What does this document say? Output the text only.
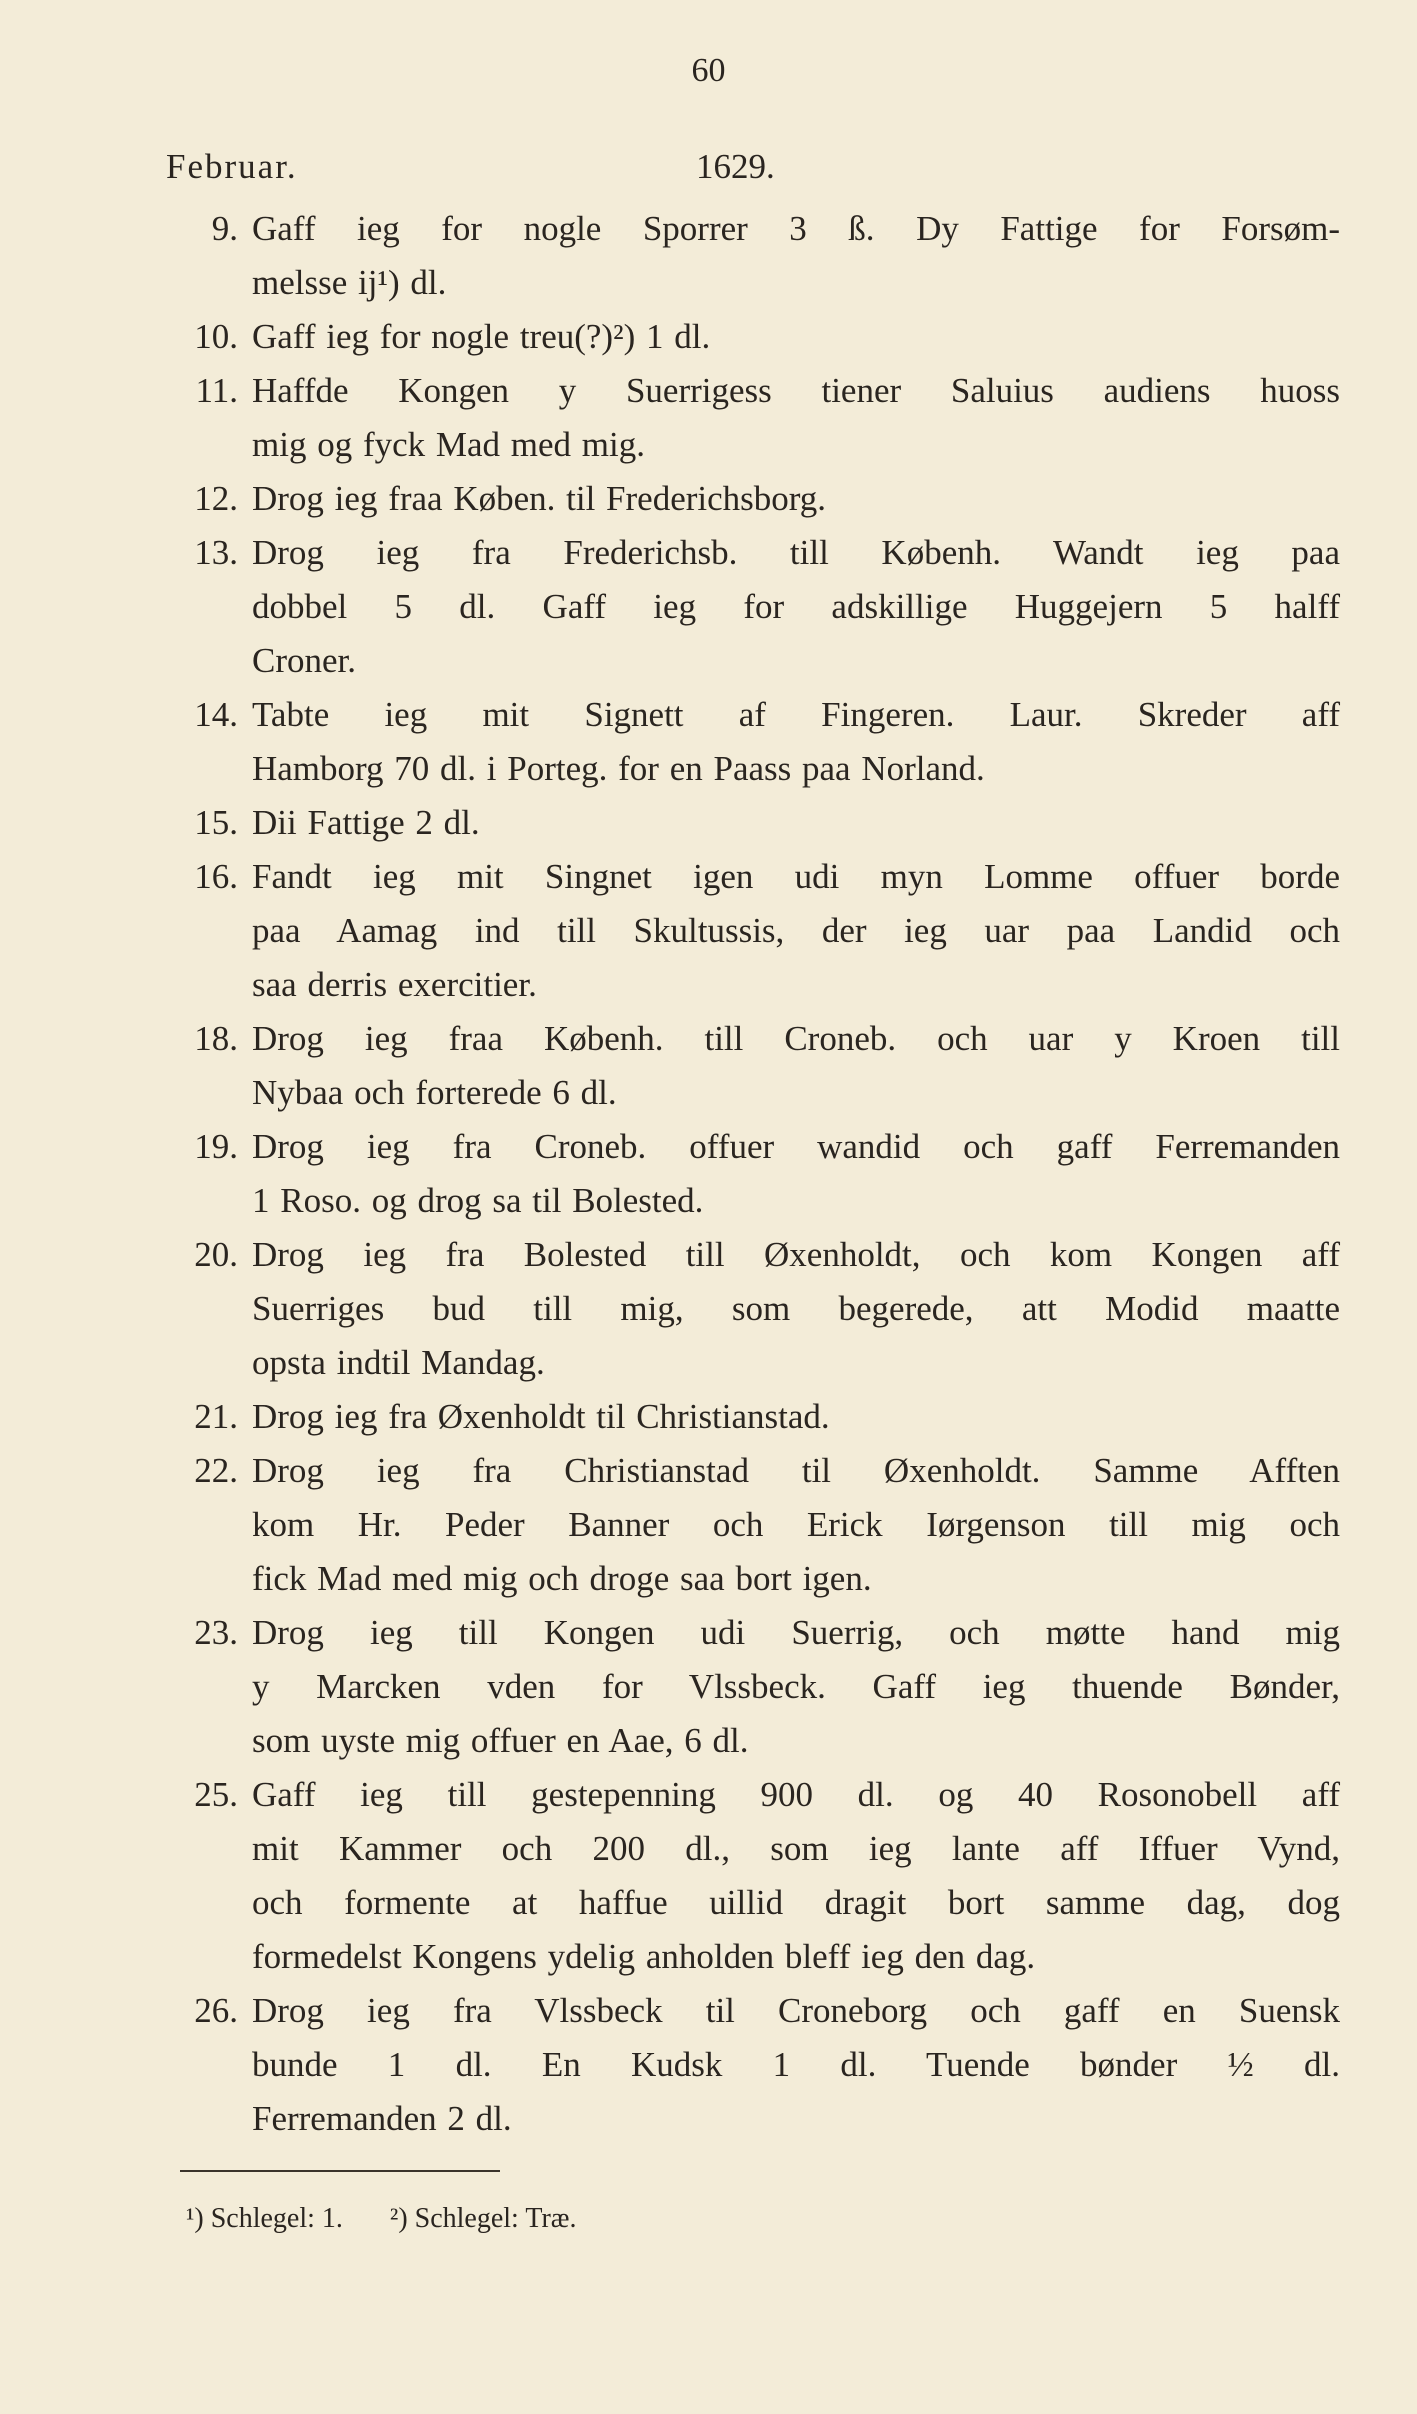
60
Februar.	1629.
9. Gaff ieg for nogle Sporrer 3 ß. Dy Fattige for Forsøm-
melsse ij¹) dl.
10. Gaff ieg for nogle treu(?)²) 1 dl.
11. Haffde Kongen y Suerrigess tiener Saluius audiens huoss
mig og fyck Mad med mig.
12. Drog ieg fraa Køben. til Frederichsborg.
13. Drog ieg fra Frederichsb. till Københ. Wandt ieg paa
dobbel 5 dl. Gaff ieg for adskillige Huggejern 5 halff
Croner.
14. Tabte ieg mit Signett af Fingeren. Laur. Skreder aff
Hamborg 70 dl. i Porteg. for en Paass paa Norland.
15. Dii Fattige 2 dl.
16. Fandt ieg mit Singnet igen udi myn Lomme offuer borde
paa Aamag ind till Skultussis, der ieg uar paa Landid och
saa derris exercitier.
18. Drog ieg fraa Københ. till Croneb. och uar y Kroen till
Nybaa och forterede 6 dl.
19. Drog ieg fra Croneb. offuer wandid och gaff Ferremanden
1 Roso. og drog sa til Bolested.
20. Drog ieg fra Bolested till Øxenholdt, och kom Kongen aff
Suerriges bud till mig, som begerede, att Modid maatte
opsta indtil Mandag.
21. Drog ieg fra Øxenholdt til Christianstad.
22. Drog ieg fra Christianstad til Øxenholdt. Samme Afften
kom Hr. Peder Banner och Erick Iørgenson till mig och
fick Mad med mig och droge saa bort igen.
23. Drog ieg till Kongen udi Suerrig, och møtte hand mig
y Marcken vden for Vlssbeck. Gaff ieg thuende Bønder,
som uyste mig offuer en Aae, 6 dl.
25. Gaff ieg till gestepenning 900 dl. og 40 Rosonobell aff
mit Kammer och 200 dl., som ieg lante aff Iffuer Vynd,
och formente at haffue uillid dragit bort samme dag, dog
formedelst Kongens ydelig anholden bleff ieg den dag.
26. Drog ieg fra Vlssbeck til Croneborg och gaff en Suensk
bunde 1 dl. En Kudsk 1 dl. Tuende bønder ½ dl.
Ferremanden 2 dl.
¹) Schlegel: 1. ²) Schlegel: Træ.
